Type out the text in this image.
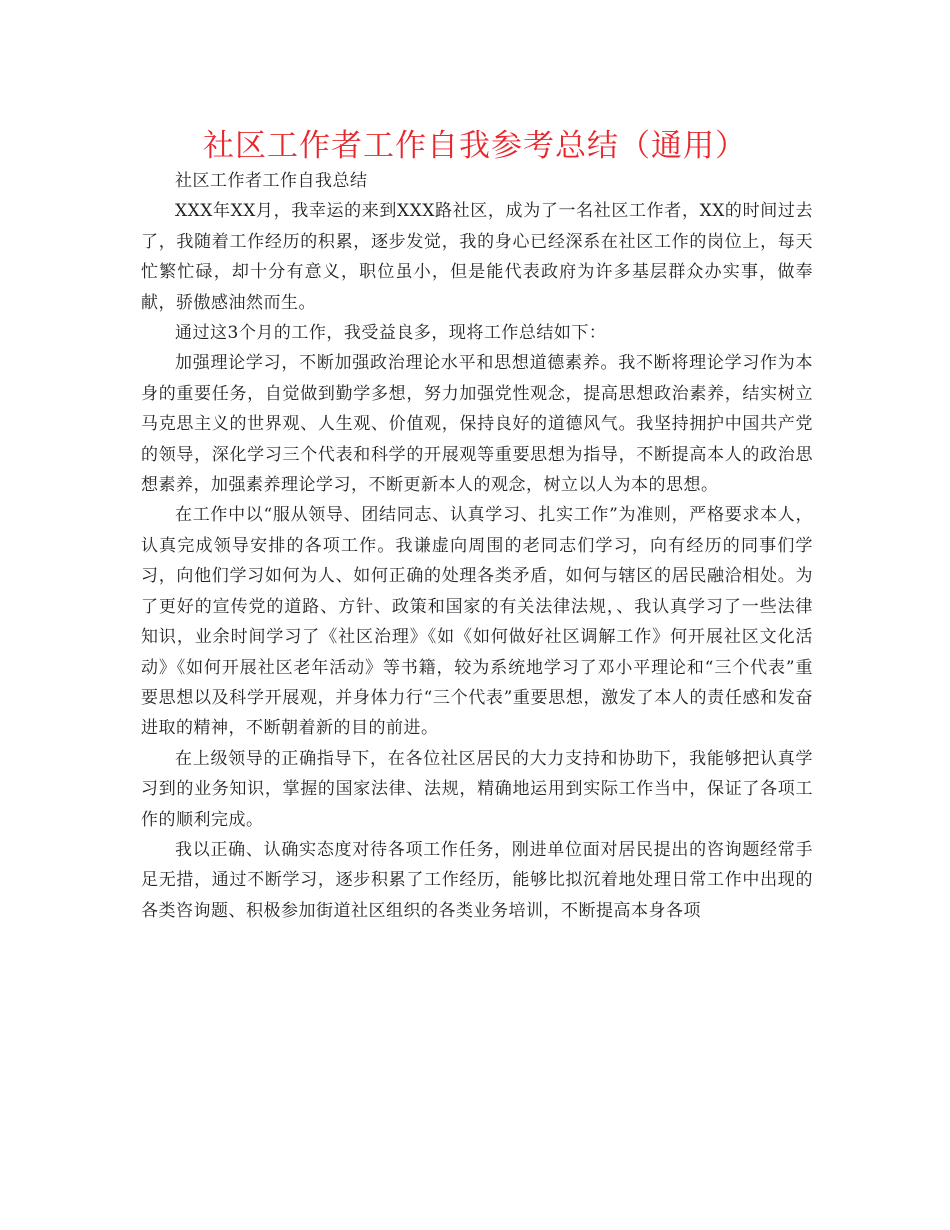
社区工作者工作自我参考总结（通用）

社区工作者工作自我总结

XXX年XX月，我幸运的来到XXX路社区，成为了一名社区工作者，XX的时间过去了，我随着工作经历的积累，逐步发觉，我的身心已经深系在社区工作的岗位上，每天忙繁忙碌，却十分有意义，职位虽小，但是能代表政府为许多基层群众办实事，做奉献，骄傲感油然而生。

通过这3个月的工作，我受益良多，现将工作总结如下：

加强理论学习，不断加强政治理论水平和思想道德素养。我不断将理论学习作为本身的重要任务，自觉做到勤学多想，努力加强党性观念，提高思想政治素养，结实树立马克思主义的世界观、人生观、价值观，保持良好的道德风气。我坚持拥护中国共产党的领导，深化学习三个代表和科学的开展观等重要思想为指导，不断提高本人的政治思想素养，加强素养理论学习，不断更新本人的观念，树立以人为本的思想。

在工作中以“服从领导、团结同志、认真学习、扎实工作”为准则，严格要求本人，认真完成领导安排的各项工作。我谦虚向周围的老同志们学习，向有经历的同事们学习，向他们学习如何为人、如何正确的处理各类矛盾，如何与辖区的居民融洽相处。为了更好的宣传党的道路、方针、政策和国家的有关法律法规，、我认真学习了一些法律知识，业余时间学习了《社区治理》《如《如何做好社区调解工作》何开展社区文化活动》《如何开展社区老年活动》等书籍，较为系统地学习了邓小平理论和“三个代表”重要思想以及科学开展观，并身体力行“三个代表”重要思想，激发了本人的责任感和发奋进取的精神，不断朝着新的目的前进。

在上级领导的正确指导下，在各位社区居民的大力支持和协助下，我能够把认真学习到的业务知识，掌握的国家法律、法规，精确地运用到实际工作当中，保证了各项工作的顺利完成。

我以正确、认确实态度对待各项工作任务，刚进单位面对居民提出的咨询题经常手足无措，通过不断学习，逐步积累了工作经历，能够比拟沉着地处理日常工作中出现的各类咨询题、积极参加街道社区组织的各类业务培训，不断提高本身各项
